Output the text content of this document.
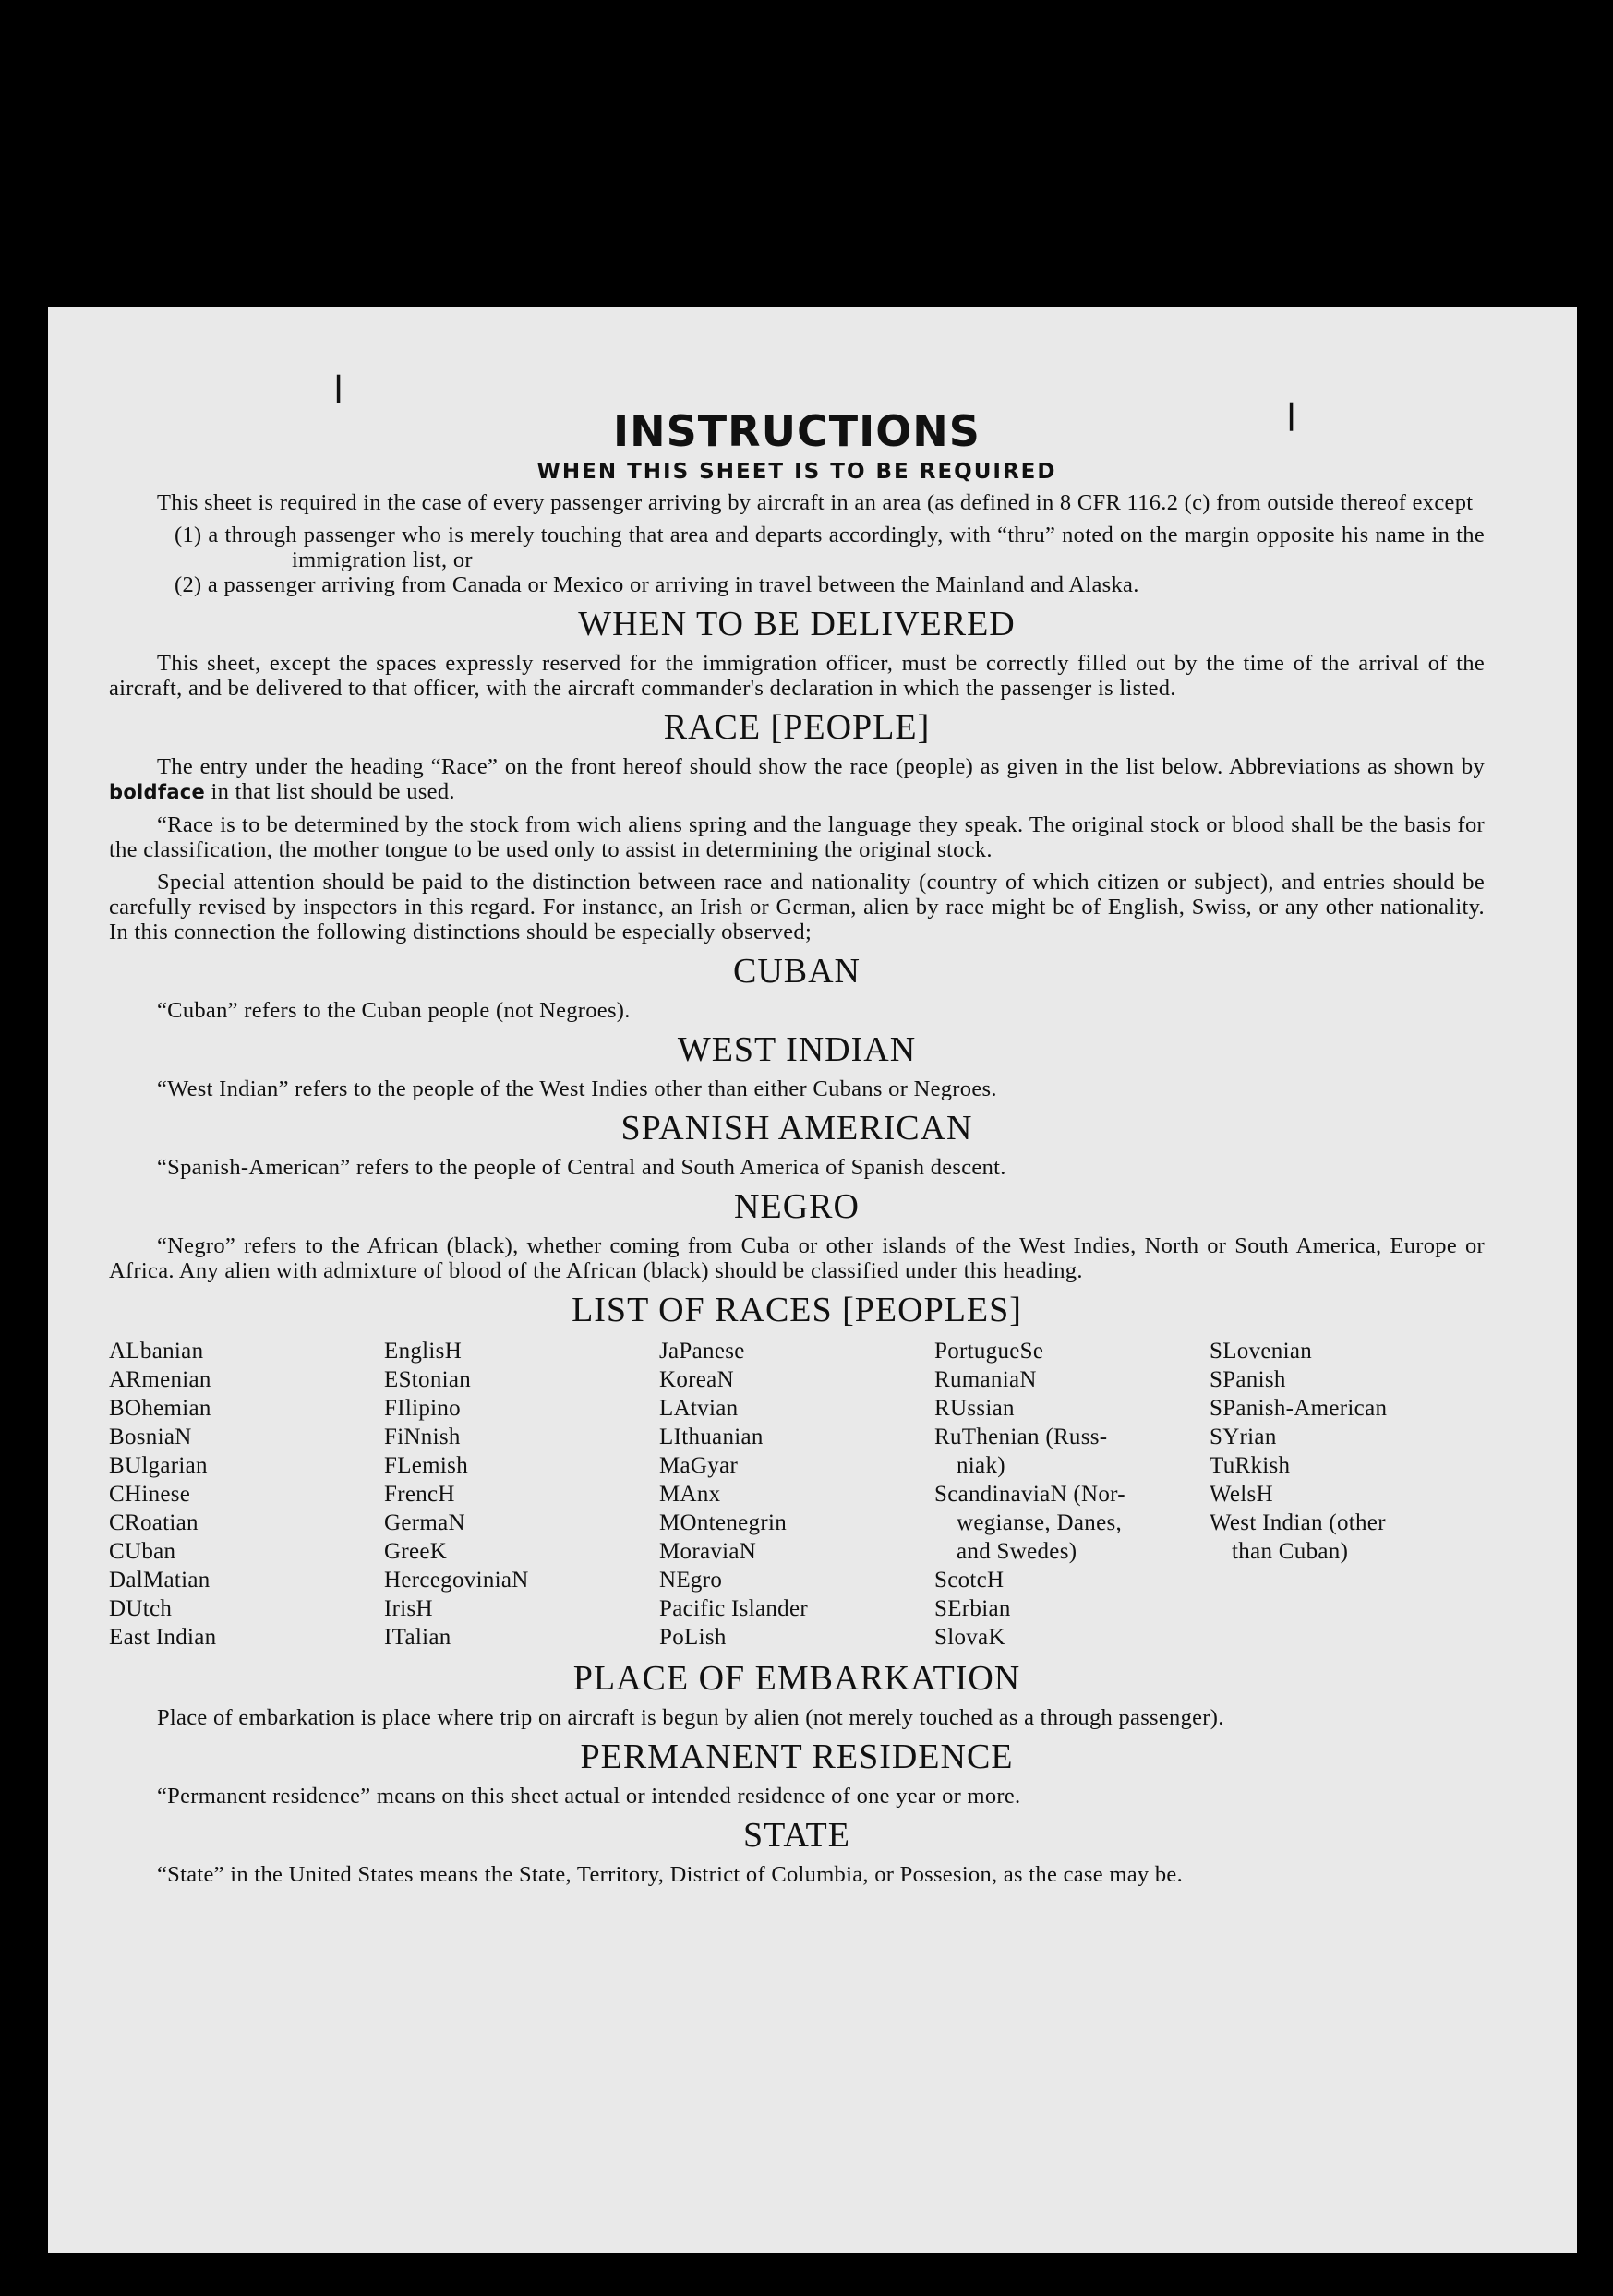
❘
❘
INSTRUCTIONS
WHEN THIS SHEET IS TO BE REQUIRED

This sheet is required in the case of every passenger arriving by aircraft in an area (as defined in 8 CFR 116.2 (c) from outside thereof except

(1) a through passenger who is merely touching that area and departs accordingly, with “thru” noted on the margin opposite his name in the immigration list, or

(2) a passenger arriving from Canada or Mexico or arriving in travel between the Mainland and Alaska.

WHEN TO BE DELIVERED

This sheet, except the spaces expressly reserved for the immigration officer, must be correctly filled out by the time of the arrival of the aircraft, and be delivered to that officer, with the aircraft commander's declaration in which the passenger is listed.

RACE [PEOPLE]

The entry under the heading “Race” on the front hereof should show the race (people) as given in the list below. Abbreviations as shown by boldface in that list should be used.

“Race is to be determined by the stock from wich aliens spring and the language they speak. The original stock or blood shall be the basis for the classification, the mother tongue to be used only to assist in determining the original stock.

Special attention should be paid to the distinction between race and nationality (country of which citizen or subject), and entries should be carefully revised by inspectors in this regard. For instance, an Irish or German, alien by race might be of English, Swiss, or any other nationality. In this connection the following distinctions should be especially observed;

CUBAN

“Cuban” refers to the Cuban people (not Negroes).

WEST INDIAN

“West Indian” refers to the people of the West Indies other than either Cubans or Negroes.

SPANISH AMERICAN

“Spanish-American” refers to the people of Central and South America of Spanish descent.

NEGRO

“Negro” refers to the African (black), whether coming from Cuba or other islands of the West Indies, North or South America, Europe or Africa. Any alien with admixture of blood of the African (black) should be classified under this heading.

LIST OF RACES [PEOPLES]
ALbanian
ARmenian
BOhemian
BosniaN
BUlgarian
CHinese
CRoatian
CUban
DalMatian
DUtch
East Indian
EnglisH
EStonian
FIlipino
FiNnish
FLemish
FrencH
GermaN
GreeK
HercegoviniaN
IrisH
ITalian
JaPanese
KoreaN
LAtvian
LIthuanian
MaGyar
MAnx
MOntenegrin
MoraviaN
NEgro
Pacific Islander
PoLish
PortugueSe
RumaniaN
RUssian
RuThenian (Russ-
niak)
ScandinaviaN (Nor-
wegianse, Danes,
and Swedes)
ScotcH
SErbian
SlovaK
SLovenian
SPanish
SPanish-American
SYrian
TuRkish
WelsH
West Indian (other
than Cuban)
PLACE OF EMBARKATION

Place of embarkation is place where trip on aircraft is begun by alien (not merely touched as a through passenger).

PERMANENT RESIDENCE

“Permanent residence” means on this sheet actual or intended residence of one year or more.

STATE

“State” in the United States means the State, Territory, District of Columbia, or Possesion, as the case may be.
